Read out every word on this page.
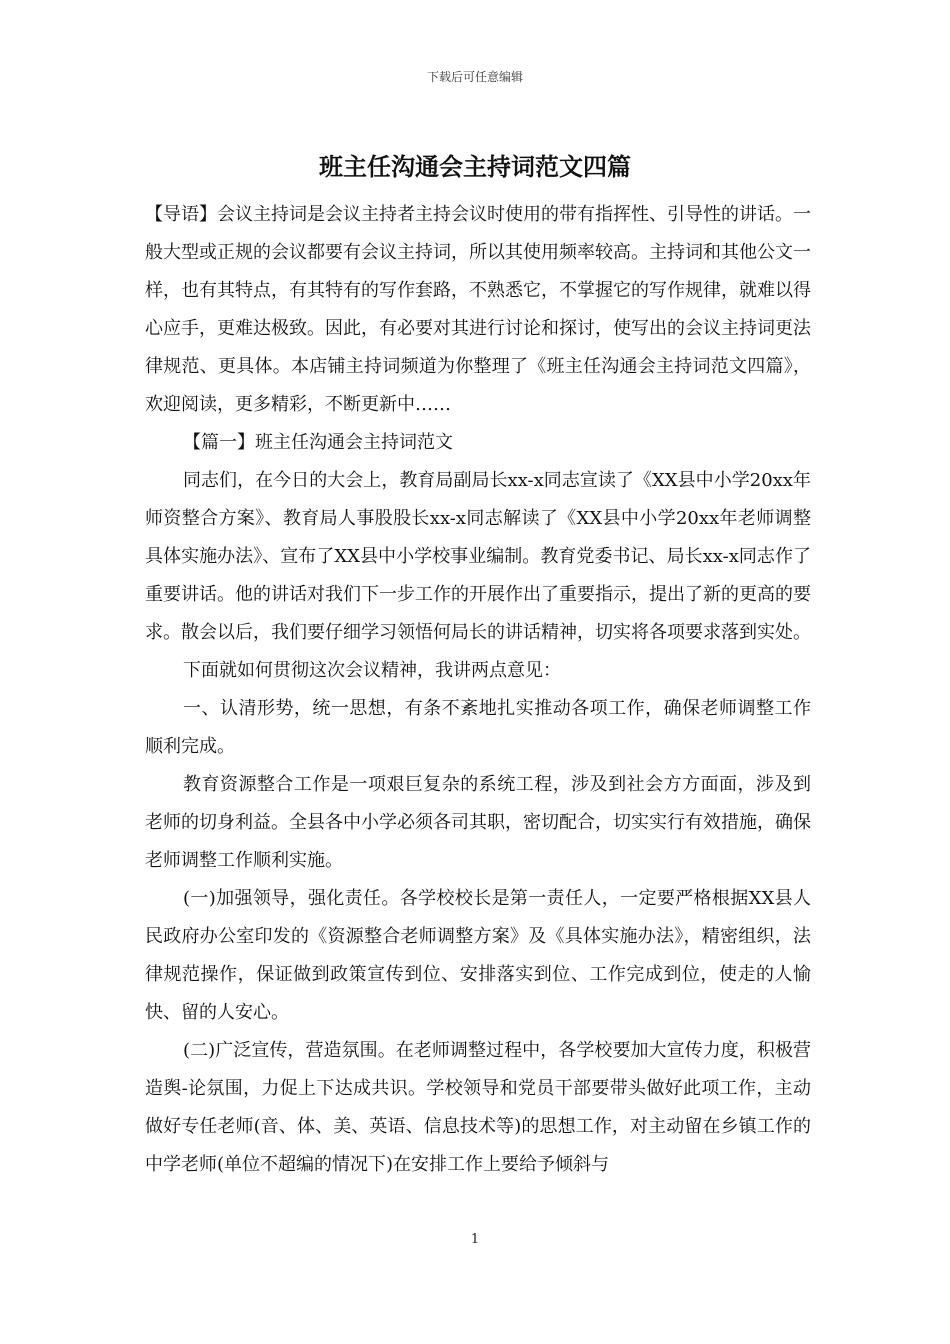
下载后可任意编辑
班主任沟通会主持词范文四篇

【导语】会议主持词是会议主持者主持会议时使用的带有指挥性、引导性的讲话。一般大型或正规的会议都要有会议主持词，所以其使用频率较高。主持词和其他公文一样，也有其特点，有其特有的写作套路，不熟悉它，不掌握它的写作规律，就难以得心应手，更难达极致。因此，有必要对其进行讨论和探讨，使写出的会议主持词更法律规范、更具体。本店铺主持词频道为你整理了《班主任沟通会主持词范文四篇》，欢迎阅读，更多精彩，不断更新中……

【篇一】班主任沟通会主持词范文

同志们，在今日的大会上，教育局副局长xx-x同志宣读了《XX县中小学20xx年师资整合方案》、教育局人事股股长xx-x同志解读了《XX县中小学20xx年老师调整具体实施办法》、宣布了XX县中小学校事业编制。教育党委书记、局长xx-x同志作了重要讲话。他的讲话对我们下一步工作的开展作出了重要指示，提出了新的更高的要求。散会以后，我们要仔细学习领悟何局长的讲话精神，切实将各项要求落到实处。

下面就如何贯彻这次会议精神，我讲两点意见：

一、认清形势，统一思想，有条不紊地扎实推动各项工作，确保老师调整工作顺利完成。

教育资源整合工作是一项艰巨复杂的系统工程，涉及到社会方方面面，涉及到老师的切身利益。全县各中小学必须各司其职，密切配合，切实实行有效措施，确保老师调整工作顺利实施。

(一)加强领导，强化责任。各学校校长是第一责任人，一定要严格根据XX县人民政府办公室印发的《资源整合老师调整方案》及《具体实施办法》，精密组织，法律规范操作，保证做到政策宣传到位、安排落实到位、工作完成到位，使走的人愉快、留的人安心。

(二)广泛宣传，营造氛围。在老师调整过程中，各学校要加大宣传力度，积极营造舆-论氛围，力促上下达成共识。学校领导和党员干部要带头做好此项工作，主动做好专任老师(音、体、美、英语、信息技术等)的思想工作，对主动留在乡镇工作的中学老师(单位不超编的情况下)在安排工作上要给予倾斜与

1
